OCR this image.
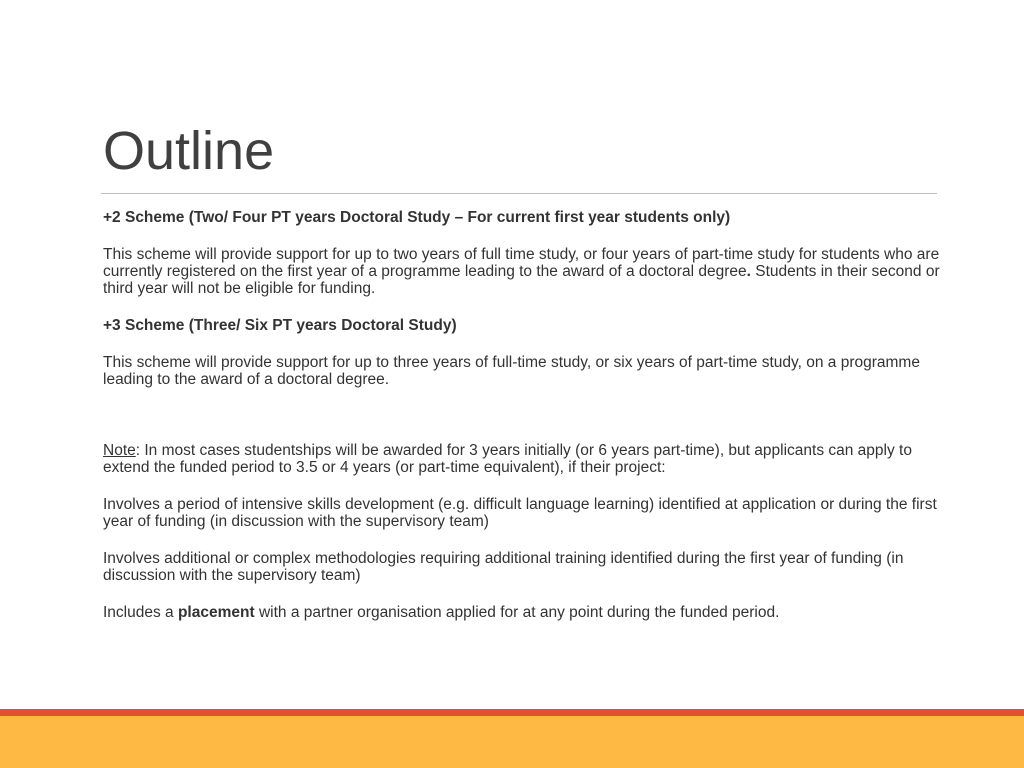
Outline

+2 Scheme (Two/ Four PT years Doctoral Study – For current first year students only)

This scheme will provide support for up to two years of full time study, or four years of part-time study for students who are currently registered on the first year of a programme leading to the award of a doctoral degree. Students in their second or third year will not be eligible for funding.

+3 Scheme (Three/ Six PT years Doctoral Study)

This scheme will provide support for up to three years of full-time study, or six years of part-time study, on a programme leading to the award of a doctoral degree.

Note: In most cases studentships will be awarded for 3 years initially (or 6 years part-time), but applicants can apply to extend the funded period to 3.5 or 4 years (or part-time equivalent), if their project:

Involves a period of intensive skills development (e.g. difficult language learning) identified at application or during the first year of funding (in discussion with the supervisory team)

Involves additional or complex methodologies requiring additional training identified during the first year of funding (in discussion with the supervisory team)

Includes a placement with a partner organisation applied for at any point during the funded period.
